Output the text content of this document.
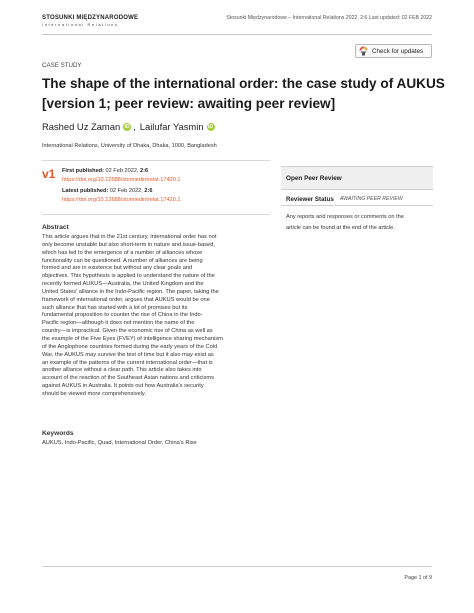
STOSUNKI MIĘDZYNARODOWE
International Relations
Stosunki Międzynarodowe – International Relations 2022, 2:6 Last updated: 02 FEB 2022
Check for updates
CASE STUDY
The shape of the international order: the case study of AUKUS
[version 1; peer review: awaiting peer review]
Rashed Uz Zaman iD , Lailufar Yasmin iD
International Relations, University of Dhaka, Dhaka, 1000, Bangladesh
v1 First published: 02 Feb 2022, 2:6
https://doi.org/10.12688/stomiedintrelat.17420.1
Latest published: 02 Feb 2022, 2:6
https://doi.org/10.12688/stomiedintrelat.17420.1
Abstract
This article argues that in the 21st century, international order has not
only become unstable but also short-term in nature and issue-based,
which has led to the emergence of a number of alliances whose
functionality can be questioned. A number of alliances are being
formed and are in existence but without any clear goals and
objectives. This hypothesis is applied to understand the nature of the
recently formed AUKUS—Australia, the United Kingdom and the
United States' alliance in the Indo-Pacific region. The paper, taking the
framework of international order, argues that AUKUS would be one
such alliance that has started with a lot of promises but its
fundamental proposition to counter the rise of China in the Indo-
Pacific region—although it does not mention the name of the
country—is impractical. Given the economic rise of China as well as
the example of the Five Eyes (FVEY) of intelligence sharing mechanism
of the Anglophone countries formed during the early years of the Cold
War, the AUKUS may survive the test of time but it also may exist as
an example of the patterns of the current international order—that is
another alliance without a clear path. This article also takes into
account of the reaction of the Southeast Asian nations and criticisms
against AUKUS in Australia. It points out how Australia's security
should be viewed more comprehensively.
Keywords
AUKUS, Indo-Pacific, Quad, International Order, China's Rise
Open Peer Review
Reviewer Status AWAITING PEER REVIEW
Any reports and responses or comments on the
article can be found at the end of the article.
Page 1 of 9
